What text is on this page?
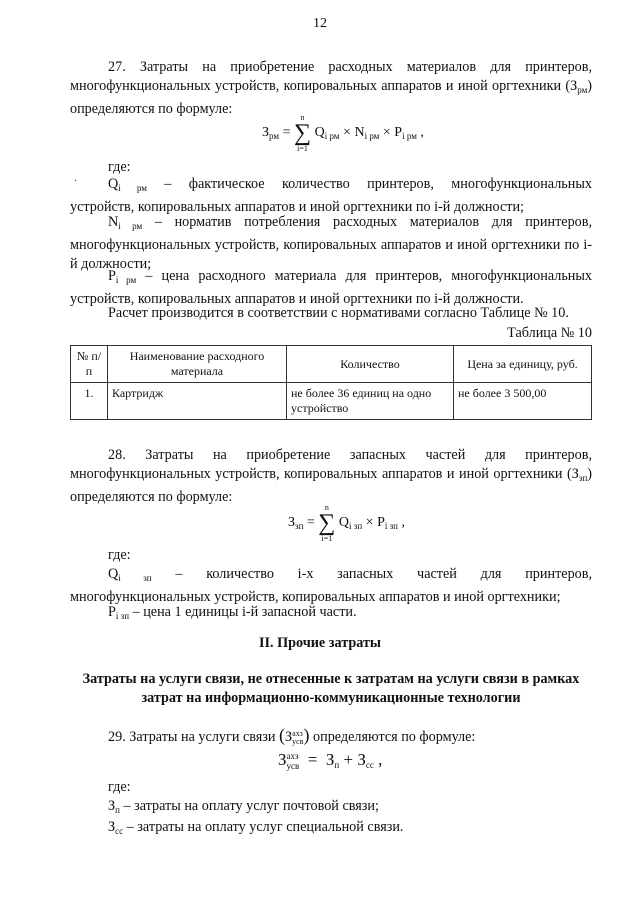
12
27. Затраты на приобретение расходных материалов для принтеров, многофункциональных устройств, копировальных аппаратов и иной оргтехники $(З_{рм})$ определяются по формуле:
$З_{рм} = n$
∑
i=1 $Q_{i рм} \times N_{i рм} \times P_{i рм}$ ,
где:
·	$Q_{i рм}$ – фактическое количество принтеров, многофункциональных
устройств, копировальных аппаратов и иной оргтехники по i-й должности;
$N_{i рм}$ – норматив потребления расходных материалов для принтеров, многофункциональных устройств, копировальных аппаратов и иной оргтехники по i-й должности;
$P_{i рм}$ – цена расходного материала для принтеров, многофункциональных устройств, копировальных аппаратов и иной оргтехники по i-й должности.
Расчет производится в соответствии с нормативами согласно Таблице № 10.
Таблица № 10
№ п/п	Наименование расходного материала	Количество	Цена за единицу, руб.
1.	Картридж	не более 36 единиц на одно устройство	не более 3 500,00
28. Затраты на приобретение запасных частей для принтеров, многофункциональных устройств, копировальных аппаратов и иной оргтехники $(З_{зп})$ определяются по формуле:
$З_{зп} = n$
∑
i=1 $Q_{i зп} \times P_{i зп}$ ,
где:
$Q_{i зп}$ – количество i-х запасных частей для принтеров,
многофункциональных устройств, копировальных аппаратов и иной оргтехники;
$P_{i зп}$ – цена 1 единицы i-й запасной части.
II. Прочие затраты
Затраты на услуги связи, не отнесенные к затратам на услуги связи в рамках затрат на информационно-коммуникационные технологии
29. Затраты на услуги связи (З ахз
усв ) определяются по формуле:
З ахз
усв = $З_п + З_{сс}$ ,
где:
$З_п$ – затраты на оплату услуг почтовой связи;
$З_{сс}$ – затраты на оплату услуг специальной связи.
